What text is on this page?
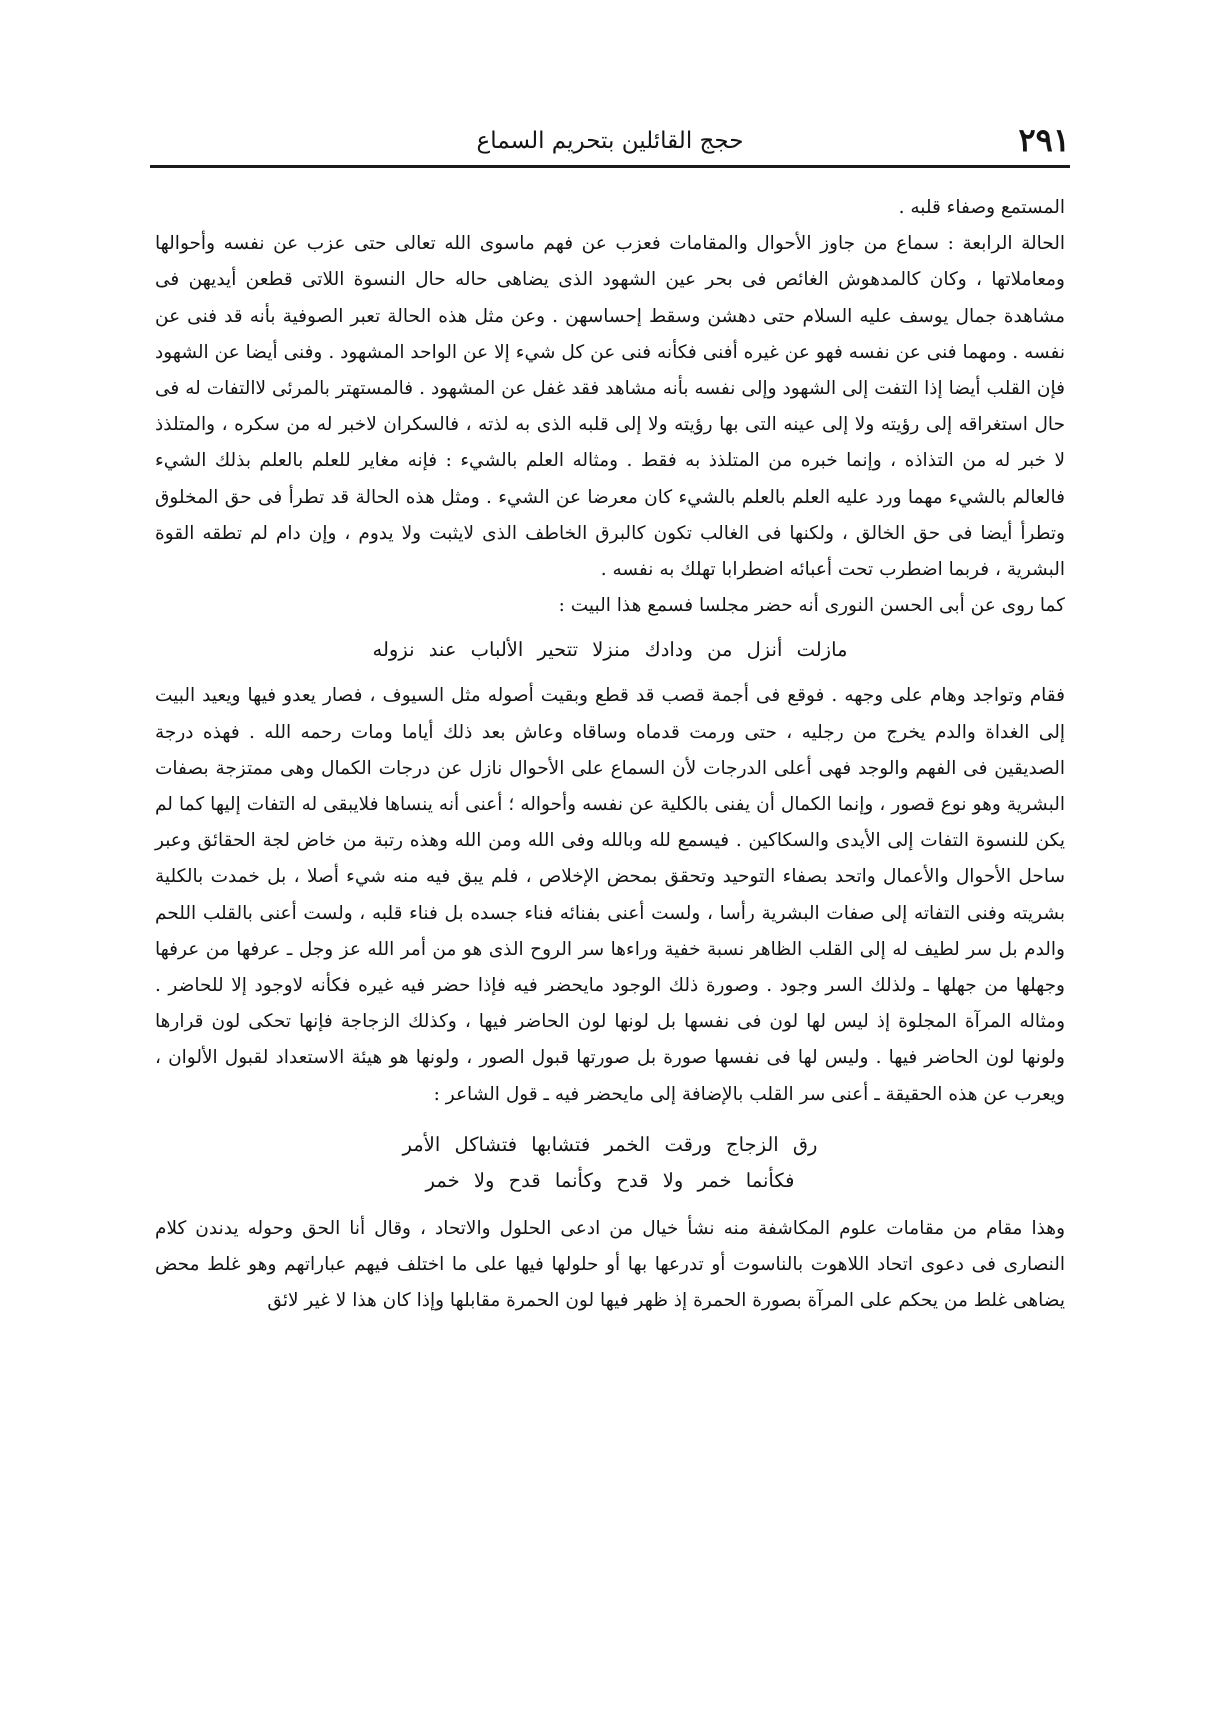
٢٩١
حجج القائلين بتحريم السماع

المستمع وصفاء قلبه .

الحالة الرابعة : سماع من جاوز الأحوال والمقامات فعزب عن فهم ماسوى الله تعالى حتى عزب عن نفسه وأحوالها ومعاملاتها ، وكان كالمدهوش الغائص فى بحر عين الشهود الذى يضاهى حاله حال النسوة اللاتى قطعن أيديهن فى مشاهدة جمال يوسف عليه السلام حتى دهشن وسقط إحساسهن . وعن مثل هذه الحالة تعبر الصوفية بأنه قد فنى عن نفسه . ومهما فنى عن نفسه فهو عن غيره أفنى فكأنه فنى عن كل شيء إلا عن الواحد المشهود . وفنى أيضا عن الشهود فإن القلب أيضا إذا التفت إلى الشهود وإلى نفسه بأنه مشاهد فقد غفل عن المشهود . فالمستهتر بالمرئى لاالتفات له فى حال استغراقه إلى رؤيته ولا إلى عينه التى بها رؤيته ولا إلى قلبه الذى به لذته ، فالسكران لاخبر له من سكره ، والمتلذذ لا خبر له من التذاذه ، وإنما خبره من المتلذذ به فقط . ومثاله العلم بالشيء : فإنه مغاير للعلم بالعلم بذلك الشيء فالعالم بالشيء مهما ورد عليه العلم بالعلم بالشيء كان معرضا عن الشيء . ومثل هذه الحالة قد تطرأ فى حق المخلوق وتطرأ أيضا فى حق الخالق ، ولكنها فى الغالب تكون كالبرق الخاطف الذى لايثبت ولا يدوم ، وإن دام لم تطقه القوة البشرية ، فربما اضطرب تحت أعبائه اضطرابا تهلك به نفسه .

كما روى عن أبى الحسن النورى أنه حضر مجلسا فسمع هذا البيت :

مازلت أنزل من ودادك منزلا تتحير الألباب عند نزوله

فقام وتواجد وهام على وجهه . فوقع فى أجمة قصب قد قطع وبقيت أصوله مثل السيوف ، فصار يعدو فيها ويعيد البيت إلى الغداة والدم يخرج من رجليه ، حتى ورمت قدماه وساقاه وعاش بعد ذلك أياما ومات رحمه الله . فهذه درجة الصديقين فى الفهم والوجد فهى أعلى الدرجات لأن السماع على الأحوال نازل عن درجات الكمال وهى ممتزجة بصفات البشرية وهو نوع قصور ، وإنما الكمال أن يفنى بالكلية عن نفسه وأحواله ؛ أعنى أنه ينساها فلايبقى له التفات إليها كما لم يكن للنسوة التفات إلى الأيدى والسكاكين . فيسمع لله وبالله وفى الله ومن الله وهذه رتبة من خاض لجة الحقائق وعبر ساحل الأحوال والأعمال واتحد بصفاء التوحيد وتحقق بمحض الإخلاص ، فلم يبق فيه منه شيء أصلا ، بل خمدت بالكلية بشريته وفنى التفاته إلى صفات البشرية رأسا ، ولست أعنى بفنائه فناء جسده بل فناء قلبه ، ولست أعنى بالقلب اللحم والدم بل سر لطيف له إلى القلب الظاهر نسبة خفية وراءها سر الروح الذى هو من أمر الله عز وجل ـ عرفها من عرفها وجهلها من جهلها ـ ولذلك السر وجود . وصورة ذلك الوجود مايحضر فيه فإذا حضر فيه غيره فكأنه لاوجود إلا للحاضر . ومثاله المرآة المجلوة إذ ليس لها لون فى نفسها بل لونها لون الحاضر فيها ، وكذلك الزجاجة فإنها تحكى لون قرارها ولونها لون الحاضر فيها . وليس لها فى نفسها صورة بل صورتها قبول الصور ، ولونها هو هيئة الاستعداد لقبول الألوان ، ويعرب عن هذه الحقيقة ـ أعنى سر القلب بالإضافة إلى مايحضر فيه ـ قول الشاعر :

رق الزجاج ورقت الخمر فتشابها فتشاكل الأمر
فكأنما خمر ولا قدح وكأنما قدح ولا خمر

وهذا مقام من مقامات علوم المكاشفة منه نشأ خيال من ادعى الحلول والاتحاد ، وقال أنا الحق وحوله يدندن كلام النصارى فى دعوى اتحاد اللاهوت بالناسوت أو تدرعها بها أو حلولها فيها على ما اختلف فيهم عباراتهم وهو غلط محض يضاهى غلط من يحكم على المرآة بصورة الحمرة إذ ظهر فيها لون الحمرة مقابلها وإذا كان هذا لا غير لائق
